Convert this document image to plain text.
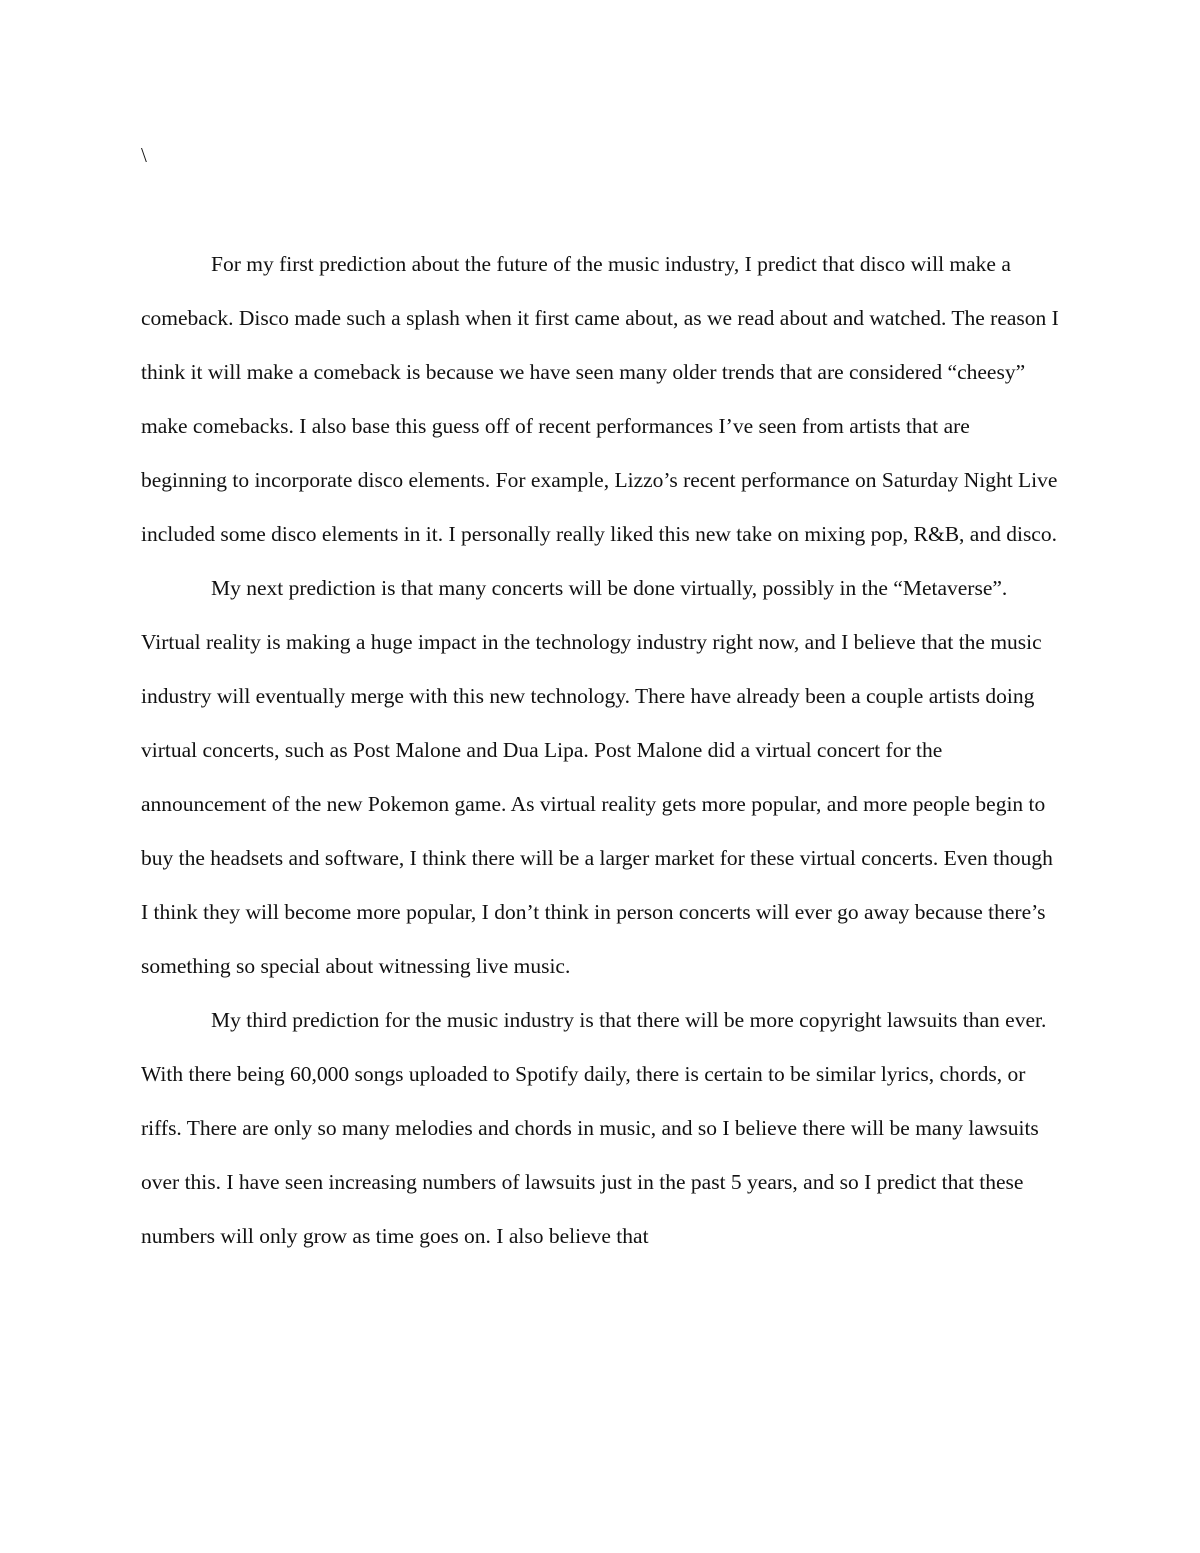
\

For my first prediction about the future of the music industry, I predict that disco will make a comeback. Disco made such a splash when it first came about, as we read about and watched. The reason I think it will make a comeback is because we have seen many older trends that are considered “cheesy” make comebacks. I also base this guess off of recent performances I’ve seen from artists that are beginning to incorporate disco elements. For example, Lizzo’s recent performance on Saturday Night Live included some disco elements in it. I personally really liked this new take on mixing pop, R&B, and disco.

My next prediction is that many concerts will be done virtually, possibly in the “Metaverse”. Virtual reality is making a huge impact in the technology industry right now, and I believe that the music industry will eventually merge with this new technology. There have already been a couple artists doing virtual concerts, such as Post Malone and Dua Lipa. Post Malone did a virtual concert for the announcement of the new Pokemon game. As virtual reality gets more popular, and more people begin to buy the headsets and software, I think there will be a larger market for these virtual concerts. Even though I think they will become more popular, I don’t think in person concerts will ever go away because there’s something so special about witnessing live music.

My third prediction for the music industry is that there will be more copyright lawsuits than ever. With there being 60,000 songs uploaded to Spotify daily, there is certain to be similar lyrics, chords, or riffs. There are only so many melodies and chords in music, and so I believe there will be many lawsuits over this. I have seen increasing numbers of lawsuits just in the past 5 years, and so I predict that these numbers will only grow as time goes on. I also believe that
